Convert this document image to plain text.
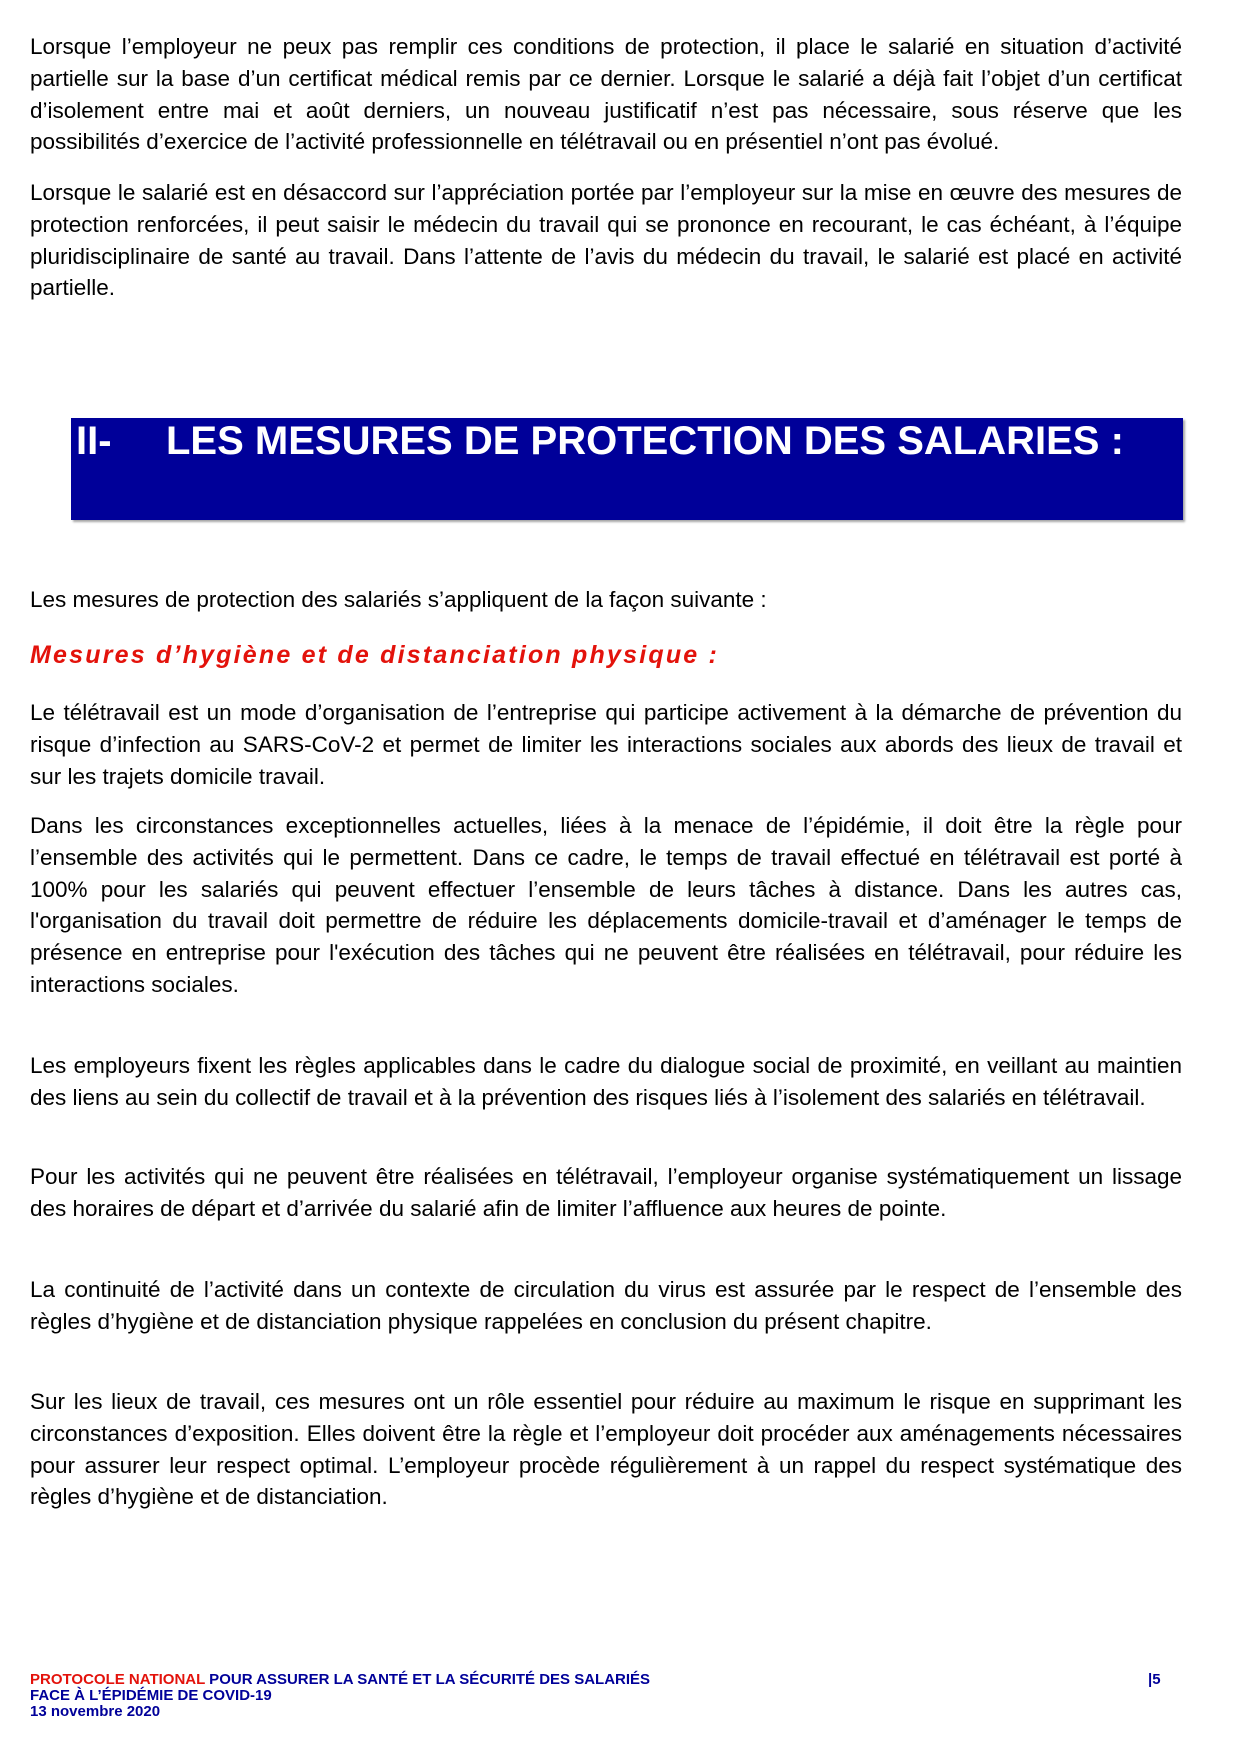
Lorsque l’employeur ne peux pas remplir ces conditions de protection, il place le salarié en situation d’activité partielle sur la base d’un certificat médical remis par ce dernier. Lorsque le salarié a déjà fait l’objet d’un certificat d’isolement entre mai et août derniers, un nouveau justificatif n’est pas nécessaire, sous réserve que les possibilités d’exercice de l’activité professionnelle en télétravail ou en présentiel n’ont pas évolué.

Lorsque le salarié est en désaccord sur l’appréciation portée par l’employeur sur la mise en œuvre des mesures de protection renforcées, il peut saisir le médecin du travail qui se prononce en recourant, le cas échéant, à l’équipe pluridisciplinaire de santé au travail. Dans l’attente de l’avis du médecin du travail, le salarié est placé en activité partielle.

II- LES MESURES DE PROTECTION DES SALARIES :

Les mesures de protection des salariés s’appliquent de la façon suivante :

Mesures d’hygiène et de distanciation physique :

Le télétravail est un mode d’organisation de l’entreprise qui participe activement à la démarche de prévention du risque d’infection au SARS-CoV-2 et permet de limiter les interactions sociales aux abords des lieux de travail et sur les trajets domicile travail.

Dans les circonstances exceptionnelles actuelles, liées à la menace de l’épidémie, il doit être la règle pour l’ensemble des activités qui le permettent. Dans ce cadre, le temps de travail effectué en télétravail est porté à 100% pour les salariés qui peuvent effectuer l’ensemble de leurs tâches à distance. Dans les autres cas, l'organisation du travail doit permettre de réduire les déplacements domicile-travail et d’aménager le temps de présence en entreprise pour l'exécution des tâches qui ne peuvent être réalisées en télétravail, pour réduire les interactions sociales.

Les employeurs fixent les règles applicables dans le cadre du dialogue social de proximité, en veillant au maintien des liens au sein du collectif de travail et à la prévention des risques liés à l’isolement des salariés en télétravail.

Pour les activités qui ne peuvent être réalisées en télétravail, l’employeur organise systématiquement un lissage des horaires de départ et d’arrivée du salarié afin de limiter l’affluence aux heures de pointe.

La continuité de l’activité dans un contexte de circulation du virus est assurée par le respect de l’ensemble des règles d’hygiène et de distanciation physique rappelées en conclusion du présent chapitre.

Sur les lieux de travail, ces mesures ont un rôle essentiel pour réduire au maximum le risque en supprimant les circonstances d’exposition. Elles doivent être la règle et l’employeur doit procéder aux aménagements nécessaires pour assurer leur respect optimal. L’employeur procède régulièrement à un rappel du respect systématique des règles d’hygiène et de distanciation.

PROTOCOLE NATIONAL POUR ASSURER LA SANTÉ ET LA SÉCURITÉ DES SALARIÉS
FACE À L’ÉPIDÉMIE DE COVID-19
13 novembre 2020
|5
